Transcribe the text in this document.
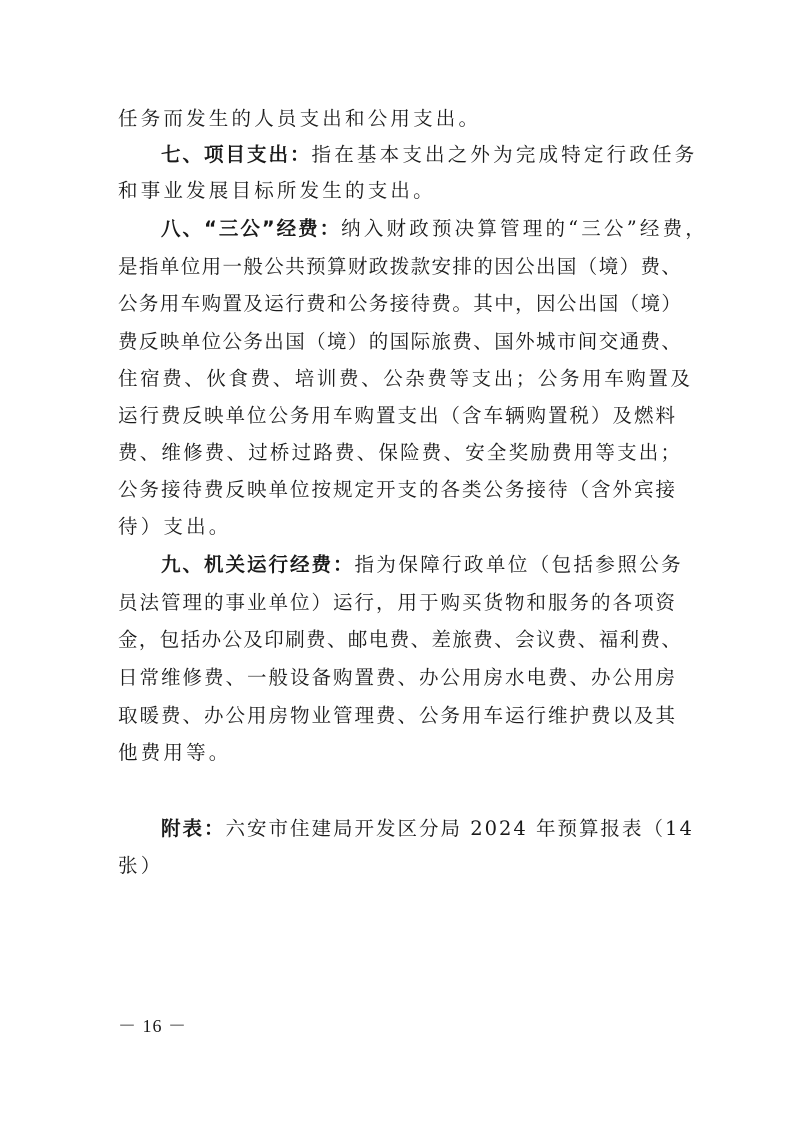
任务而发生的人员支出和公用支出。
七、项目支出：指在基本支出之外为完成特定行政任务
和事业发展目标所发生的支出。
八、“三公”经费：纳入财政预决算管理的“三公”经费，
是指单位用一般公共预算财政拨款安排的因公出国（境）费、
公务用车购置及运行费和公务接待费。其中，因公出国（境）
费反映单位公务出国（境）的国际旅费、国外城市间交通费、
住宿费、伙食费、培训费、公杂费等支出；公务用车购置及
运行费反映单位公务用车购置支出（含车辆购置税）及燃料
费、维修费、过桥过路费、保险费、安全奖励费用等支出；
公务接待费反映单位按规定开支的各类公务接待（含外宾接
待）支出。
九、机关运行经费：指为保障行政单位（包括参照公务
员法管理的事业单位）运行，用于购买货物和服务的各项资
金，包括办公及印刷费、邮电费、差旅费、会议费、福利费、
日常维修费、一般设备购置费、办公用房水电费、办公用房
取暖费、办公用房物业管理费、公务用车运行维护费以及其
他费用等。
附表：六安市住建局开发区分局 2024 年预算报表（14
张）
－ 16 －
